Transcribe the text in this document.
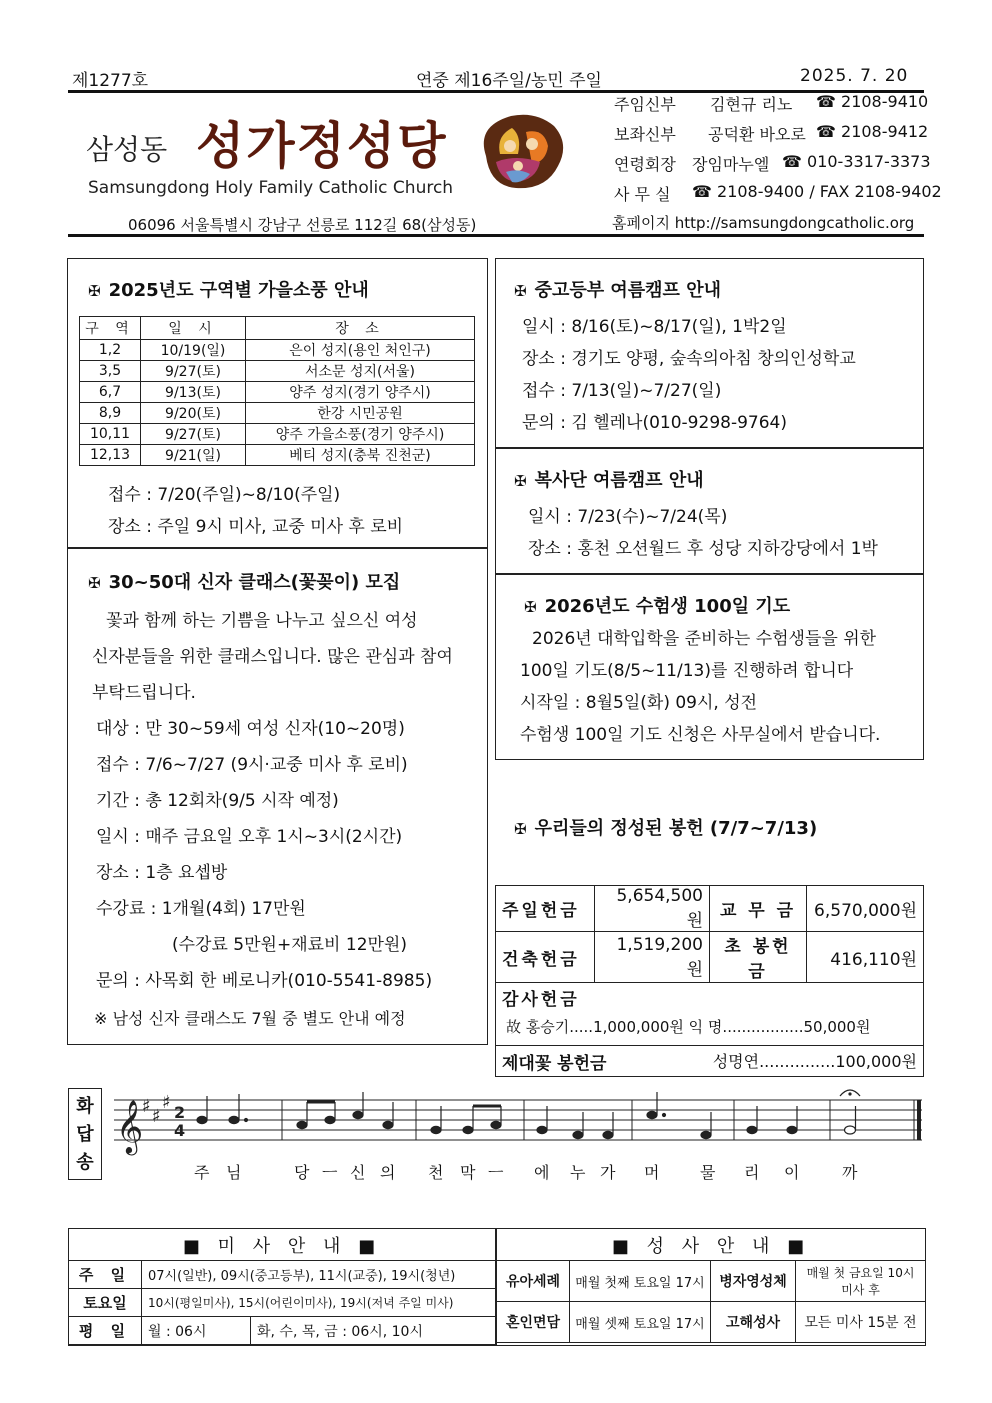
제1277호	연중 제16주일/농민 주일	2025. 7. 20
삼성동 성가정성당
Samsungdong Holy Family Catholic Church
06096 서울특별시 강남구 선릉로 112길 68(삼성동)
주임신부 김현규 리노 ☎ 2108-9410
보좌신부 공덕환 바오로 ☎ 2108-9412
연령회장 장임마누엘 ☎ 010-3317-3373
사 무 실 ☎ 2108-9400 / FAX 2108-9402
홈페이지 http://samsungdongcatholic.org
✠ 2025년도 구역별 가을소풍 안내
구 역	일 시	장 소
1,2	10/19(일)	은이 성지(용인 처인구)
3,5	9/27(토)	서소문 성지(서울)
6,7	9/13(토)	양주 성지(경기 양주시)
8,9	9/20(토)	한강 시민공원
10,11	9/27(토)	양주 가을소풍(경기 양주시)
12,13	9/21(일)	베티 성지(충북 진천군)
접수 : 7/20(주일)~8/10(주일)
장소 : 주일 9시 미사, 교중 미사 후 로비
✠ 30~50대 신자 클래스(꽃꽂이) 모집
꽃과 함께 하는 기쁨을 나누고 싶으신 여성
신자분들을 위한 클래스입니다. 많은 관심과 참여
부탁드립니다.
대상 : 만 30~59세 여성 신자(10~20명)
접수 : 7/6~7/27 (9시·교중 미사 후 로비)
기간 : 총 12회차(9/5 시작 예정)
일시 : 매주 금요일 오후 1시~3시(2시간)
장소 : 1층 요셉방
수강료 : 1개월(4회) 17만원
(수강료 5만원+재료비 12만원)
문의 : 사목회 한 베로니카(010-5541-8985)
※ 남성 신자 클래스도 7월 중 별도 안내 예정
✠ 중고등부 여름캠프 안내
일시 : 8/16(토)~8/17(일), 1박2일
장소 : 경기도 양평, 숲속의아침 창의인성학교
접수 : 7/13(일)~7/27(일)
문의 : 김 헬레나(010-9298-9764)
✠ 복사단 여름캠프 안내
일시 : 7/23(수)~7/24(목)
장소 : 홍천 오션월드 후 성당 지하강당에서 1박
✠ 2026년도 수험생 100일 기도
2026년 대학입학을 준비하는 수험생들을 위한
100일 기도(8/5~11/13)를 진행하려 합니다
시작일 : 8월5일(화) 09시, 성전
수험생 100일 기도 신청은 사무실에서 받습니다.
✠ 우리들의 정성된 봉헌 (7/7~7/13)
주일헌금	5,654,500원	교 무 금	6,570,000원
건축헌금	1,519,200원	초 봉헌금	416,110원

감사헌금
故 홍승기.....1,000,000원 익 명.................50,000원			

제대꽃 봉헌금 성명연...............100,000원			
화
답
송
𝄞
♯ ♯
♯ 2
4
주 님	당 ㅡ 신 의 천 막 ㅡ 에 누 가 머	물 리 이	까
■ 미 사 안 내 ■
주 일	07시(일반), 09시(중고등부), 11시(교중), 19시(청년)	
토요일	10시(평일미사), 15시(어린이미사), 19시(저녁 주일 미사)	
평 일	월 : 06시	화, 수, 목, 금 : 06시, 10시
■ 성 사 안 내 ■
유아세례	매월 첫째 토요일 17시	병자영성체	매월 첫 금요일 10시 미사 후
혼인면담	매월 셋째 토요일 17시	고해성사	모든 미사 15분 전
